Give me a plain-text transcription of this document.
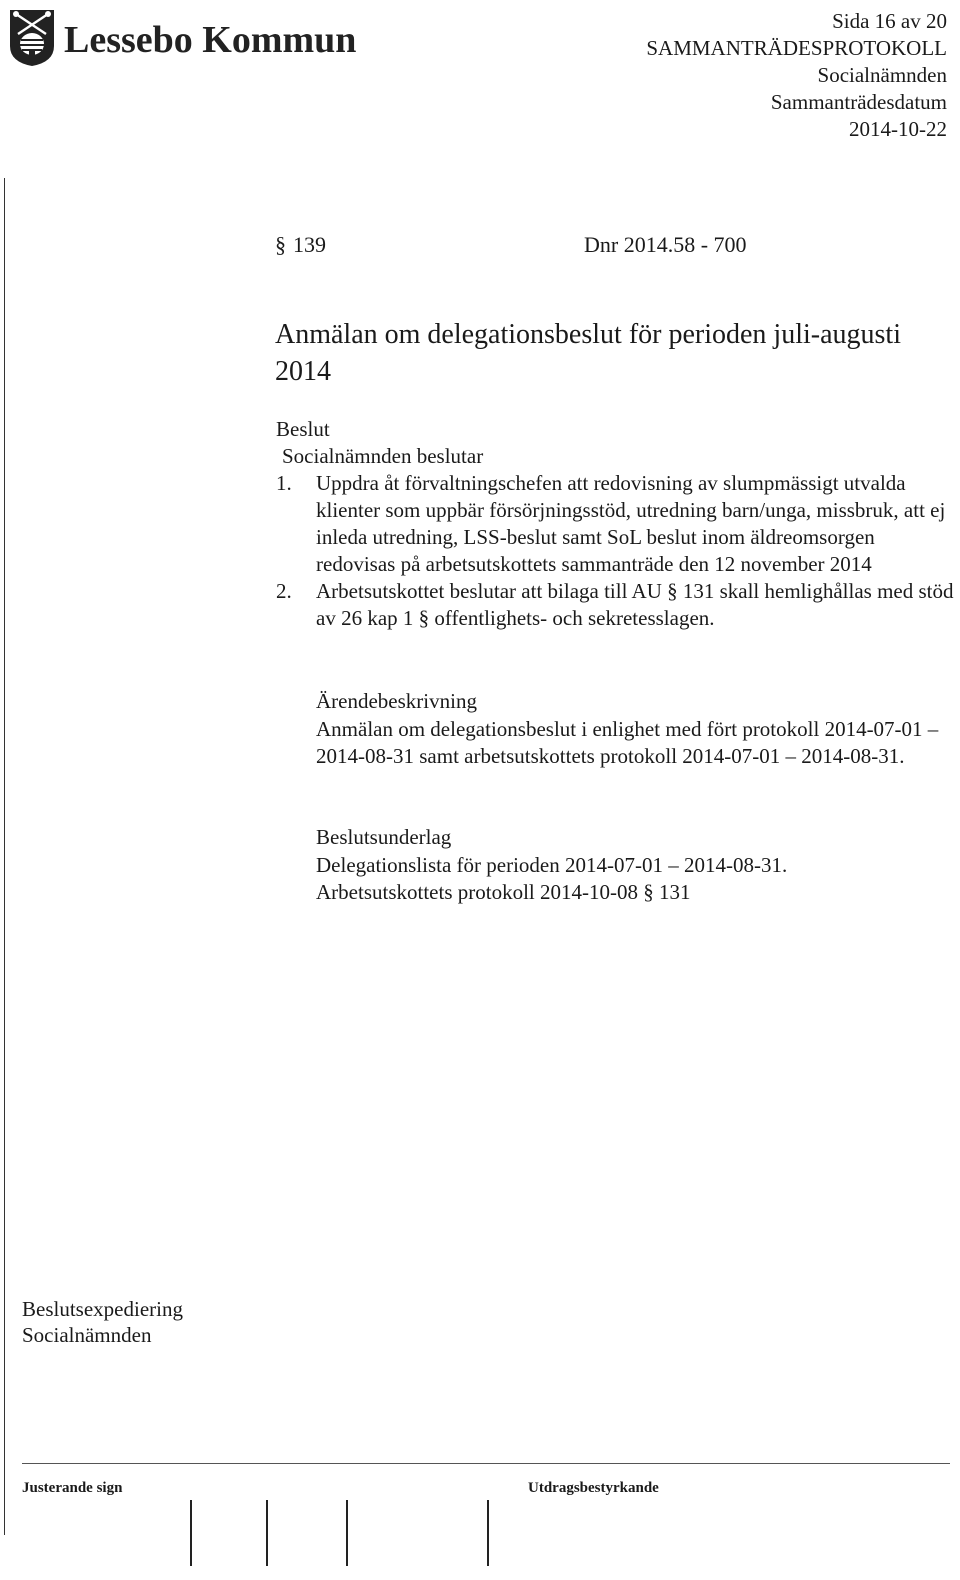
Lessebo Kommun	Sida 16 av 20
SAMMANTRÄDESPROTOKOLL
Socialnämnden
Sammanträdesdatum
2014-10-22
§ 139	Dnr 2014.58 - 700
Anmälan om delegationsbeslut för perioden juli-augusti 2014
Beslut
Socialnämnden beslutar
1. Uppdra åt förvaltningschefen att redovisning av slumpmässigt utvalda klienter som uppbär försörjningsstöd, utredning barn/unga, missbruk, att ej inleda utredning, LSS-beslut samt SoL beslut inom äldreomsorgen redovisas på arbetsutskottets sammanträde den 12 november 2014
2. Arbetsutskottet beslutar att bilaga till AU § 131 skall hemlighållas med stöd av 26 kap 1 § offentlighets- och sekretesslagen.
Ärendebeskrivning
Anmälan om delegationsbeslut i enlighet med fört protokoll 2014-07-01 – 2014-08-31 samt arbetsutskottets protokoll 2014-07-01 – 2014-08-31.
Beslutsunderlag
Delegationslista för perioden 2014-07-01 – 2014-08-31.
Arbetsutskottets protokoll 2014-10-08 § 131
Beslutsexpediering
Socialnämnden
Justerande sign	Utdragsbestyrkande
